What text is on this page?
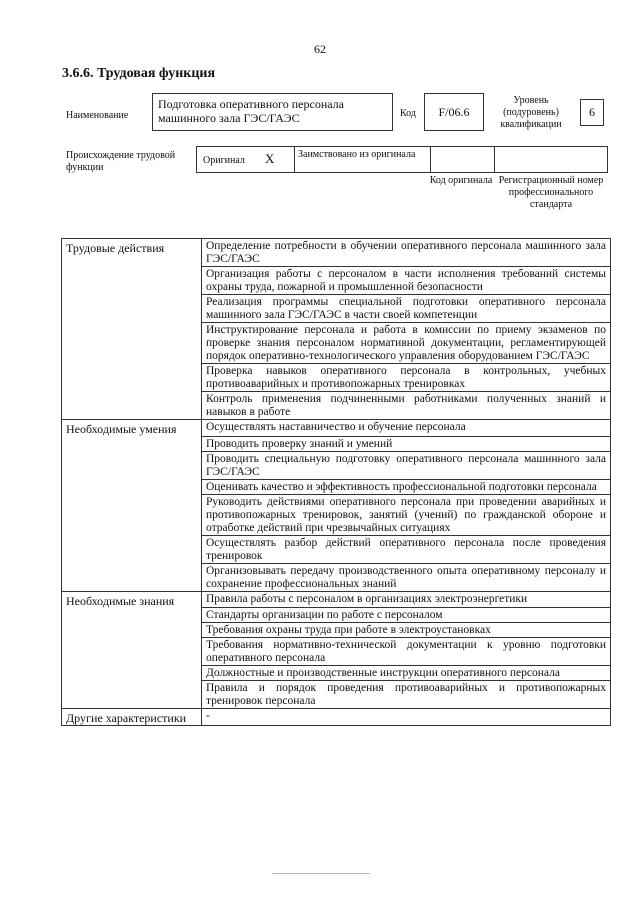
62
3.6.6. Трудовая функция
Наименование
Подготовка оперативного персонала машинного зала ГЭС/ГАЭС	Код	F/06.6
Уровень (подуровень) квалификации
6
Происхождение трудовой функции
Оригинал X Заимствовано из оригинала
Код оригинала Регистрационный номер профессионального стандарта
Трудовые действия	Определение потребности в обучении оперативного персонала машинного зала ГЭС/ГАЭС
	Организация работы с персоналом в части исполнения требований системы охраны труда, пожарной и промышленной безопасности
	Реализация программы специальной подготовки оперативного персонала машинного зала ГЭС/ГАЭС в части своей компетенции
	Инструктирование персонала и работа в комиссии по приему экзаменов по проверке знания персоналом нормативной документации, регламентирующей порядок оперативно-технологического управления оборудованием ГЭС/ГАЭС
	Проверка навыков оперативного персонала в контрольных, учебных противоаварийных и противопожарных тренировках
	Контроль применения подчиненными работниками полученных знаний и навыков в работе
Необходимые умения	Осуществлять наставничество и обучение персонала
	Проводить проверку знаний и умений
	Проводить специальную подготовку оперативного персонала машинного зала ГЭС/ГАЭС
	Оценивать качество и эффективность профессиональной подготовки персонала
	Руководить действиями оперативного персонала при проведении аварийных и противопожарных тренировок, занятий (учений) по гражданской обороне и отработке действий при чрезвычайных ситуациях
	Осуществлять разбор действий оперативного персонала после проведения тренировок
	Организовывать передачу производственного опыта оперативному персоналу и сохранение профессиональных знаний
Необходимые знания	Правила работы с персоналом в организациях электроэнергетики
	Стандарты организации по работе с персоналом
	Требования охраны труда при работе в электроустановках
	Требования нормативно-технической документации к уровню подготовки оперативного персонала
	Должностные и производственные инструкции оперативного персонала
	Правила и порядок проведения противоаварийных и противопожарных тренировок персонала
Другие характеристики	-
